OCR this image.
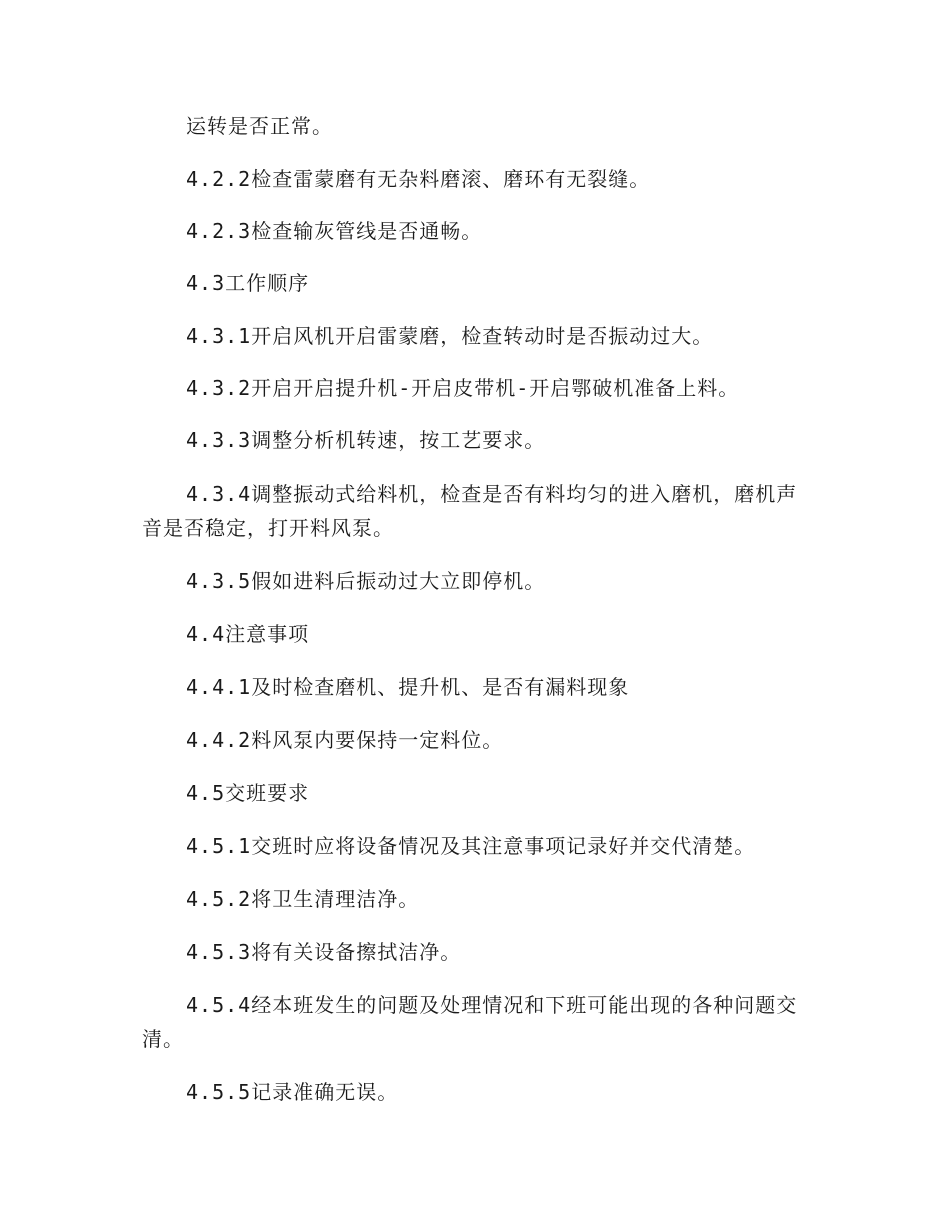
运转是否正常。

4.2.2检查雷蒙磨有无杂料磨滚、磨环有无裂缝。

4.2.3检查输灰管线是否通畅。

4.3工作顺序

4.3.1开启风机开启雷蒙磨，检查转动时是否振动过大。

4.3.2开启开启提升机-开启皮带机-开启鄂破机准备上料。

4.3.3调整分析机转速，按工艺要求。

4.3.4调整振动式给料机，检查是否有料均匀的进入磨机，磨机声音是否稳定，打开料风泵。

4.3.5假如进料后振动过大立即停机。

4.4注意事项

4.4.1及时检查磨机、提升机、是否有漏料现象

4.4.2料风泵内要保持一定料位。

4.5交班要求

4.5.1交班时应将设备情况及其注意事项记录好并交代清楚。

4.5.2将卫生清理洁净。

4.5.3将有关设备擦拭洁净。

4.5.4经本班发生的问题及处理情况和下班可能出现的各种问题交清。

4.5.5记录准确无误。
